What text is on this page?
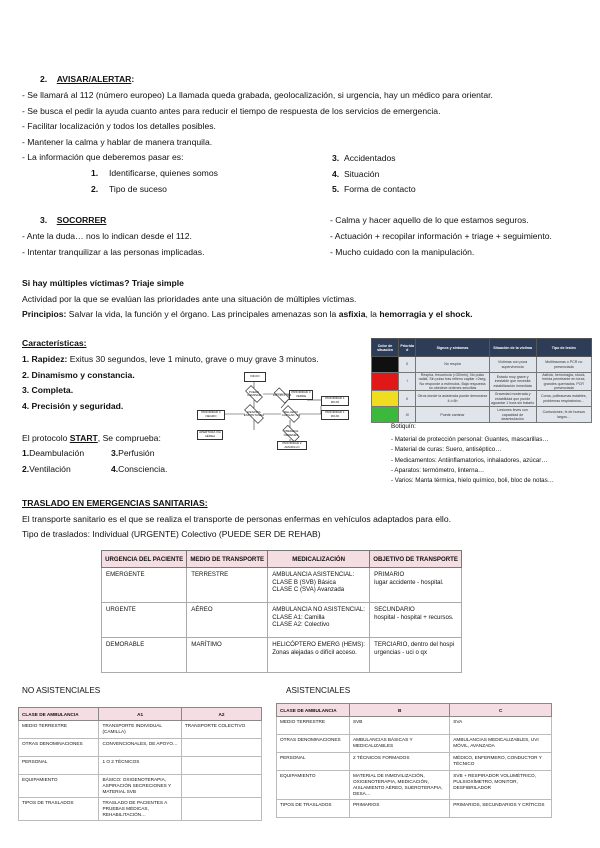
2. AVISAR/ALERTAR:
- Se llamará al 112 (número europeo) La llamada queda grabada, geolocalización, si urgencia, hay un médico para orientar.
- Se busca el pedir la ayuda cuanto antes para reducir el tiempo de respuesta de los servicios de emergencia.
- Facilitar localización y todos los detalles posibles.
- Mantener la calma y hablar de manera tranquila.
- La información que deberemos pasar es:
1. Identificarse, quienes somos
2. Tipo de suceso
3. Accidentados
4. Situación
5. Forma de contacto
3. SOCORRER
- Ante la duda… nos lo indican desde el 112.
- Intentar tranquilizar a las personas implicadas.
- Calma y hacer aquello de lo que estamos seguros.
- Actuación + recopilar información + triage + seguimiento.
- Mucho cuidado con la manipulación.
Si hay múltiples víctimas? Triaje simple
Actividad por la que se evalúan las prioridades ante una situación de múltiples víctimas.
Principios: Salvar la vida, la función y el órgano. Las principales amenazas son la asfixia, la hemorragia y el shock.
Características:
1. Rapidez: Exitus 30 segundos, leve 1 minuto, grave o muy grave 3 minutos.
2. Dinamismo y constancia.
3. Completa.
4. Precisión y seguridad.
El protocolo START, Se comprueba:
1.Deambulación	3.Perfusión
2.Ventilación	4.Consciencia.
INICIO
PUEDE CAMINAR
PRIORIDAD 3 VERDE
RESPIRA ESPONTANEA
PRIORIDAD 4 NEGRO
FR >30 ó <10
RELLENO CAPILAR <2s
PRIORIDAD 1 ROJO
PRIORIDAD 1 ROJO
OBEDECE ÓRDENES
PRIORIDAD 2 AMARILLO
APERTURA VÍA AÉREA
Color de situación	Priorida d	Signos y síntomas	Situación de la víctima	Tipo de lesión
	0	No respira	Víctimas con poca supervivencia	Multitraumas o PCR no presenciada
	I	Respira, frecuencia (>30/min), No pulso radial, Sin pulso tras relleno capilar >2seg, No responde a estímulos, Baja respuesta no obedece órdenes sencillas	Estado muy grave y inestable que necesita estabilización inmediata	Asfixia, hemorragia, shock, herida penetrante en tórax, grandes quemados, PCR presenciada
	II	Otros donde la asistencia puede demorarse 4 ó 6h	Gravedad moderada y estabilidad que puede aguantar 1 hora sin tratarlo	Coma, politraumas estables, problemas respiratorios…
	III	Puede caminar	Lesiones leves con capacidad de deambulación	Contusiones, fx de huesos largos…
Botiquín:
- Material de protección personal: Guantes, mascarillas…
- Material de curas: Suero, antiséptico…
- Medicamentos: Antiinflamatorios, inhaladores, azúcar…
- Aparatos: termómetro, linterna…
- Varios: Manta térmica, hielo químico, boli, bloc de notas…
TRASLADO EN EMERGENCIAS SANITARIAS:
El transporte sanitario es el que se realiza el transporte de personas enfermas en vehículos adaptados para ello.
Tipo de traslados: Individual (URGENTE) Colectivo (PUEDE SER DE REHAB)
URGENCIA DEL PACIENTE	MEDIO DE TRANSPORTE	MEDICALIZACIÓN	OBJETIVO DE TRANSPORTE
EMERGENTE	TERRESTRE	AMBULANCIA ASISTENCIAL:
CLASE B (SVB) Básica
CLASE C (SVA) Avanzada	PRIMARIO
lugar accidente - hospital.
URGENTE	AÉREO	AMBULANCIA NO ASISTENCIAL:
CLASE A1: Camilla
CLASE A2: Colectivo	SECUNDARIO
hospital - hospital + recursos.
DEMORABLE	MARÍTIMO	HELICÓPTERO EMERG (HEMS):
Zonas alejadas o difícil acceso.	TERCIARIO, dentro del hospi
urgencias - uci o qx
NO ASISTENCIALES	ASISTENCIALES
CLASE DE AMBULANCIA	A1	A2
MEDIO TERRESTRE	TRANSPORTE INDIVIDUAL (CAMILLA)	TRANSPORTE COLECTIVO
OTRAS DENOMINACIONES	CONVENCIONALES, DE APOYO…	
PERSONAL	1 O 2 TÉCNICOS	
EQUIPAMIENTO	BÁSICO: OXIGENOTERAPIA, ASPIRACIÓN SECRECIONES Y MATERIAL SVB	
TIPOS DE TRASLADOS	TRASLADO DE PACIENTES A PRUEBAS MÉDICAS, REHABILITACIÓN…	
CLASE DE AMBULANCIA	B	C
MEDIO TERRESTRE	SVB	SVA
OTRAS DENOMINACIONES	AMBULANCIAS BÁSICAS Y MEDICALIZABLES	AMBULANCIAS MEDICALIZABLES, UVI MÓVIL, AVANZADA
PERSONAL	2 TÉCNICOS FORMADOS	MÉDICO, ENFERMERO, CONDUCTOR Y TÉCNICO
EQUIPAMIENTO	MATERIAL DE INMOVILIZACIÓN, OXIGENOTERAPIA, MEDICACIÓN, AISLAMIENTO AÉREO, SUEROTERAPIA, DESA…	SVB + RESPIRADOR VOLUMÉTRICO, PULSIOXÍMETRO, MONITOR, DESFIBRILADOR
TIPOS DE TRASLADOS	PRIMARIOS	PRIMARIOS, SECUNDARIOS Y CRÍTICOS
